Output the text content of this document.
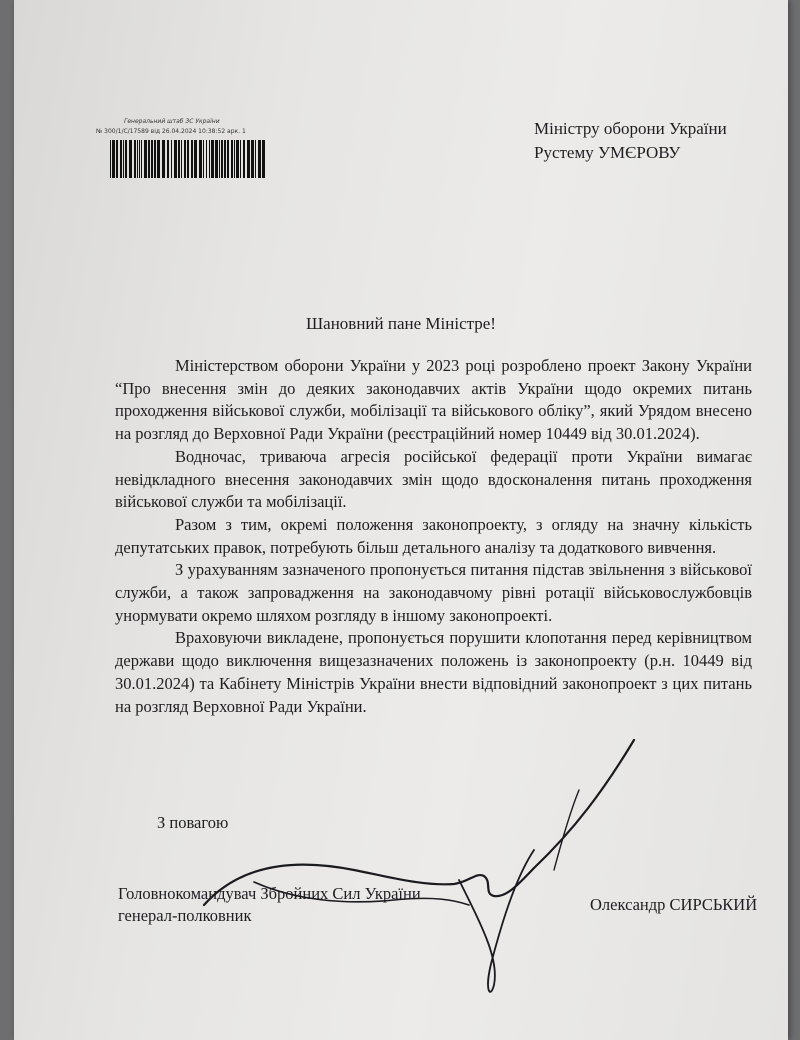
Генеральний штаб ЗС України
№ 300/1/С/17589 від 26.04.2024 10:38:52 арк. 1	Міністру оборони України
Рустему УМЄРОВУ
Шановний пане Міністре!

Міністерством оборони України у 2023 році розроблено проект Закону України “Про внесення змін до деяких законодавчих актів України щодо окремих питань проходження військової служби, мобілізації та військового обліку”, який Урядом внесено на розгляд до Верховної Ради України (реєстраційний номер 10449 від 30.01.2024).

Водночас, триваюча агресія російської федерації проти України вимагає невідкладного внесення законодавчих змін щодо вдосконалення питань проходження військової служби та мобілізації.

Разом з тим, окремі положення законопроекту, з огляду на значну кількість депутатських правок, потребують більш детального аналізу та додаткового вивчення.

З урахуванням зазначеного пропонується питання підстав звільнення з військової служби, а також запровадження на законодавчому рівні ротації військовослужбовців унормувати окремо шляхом розгляду в іншому законопроекті.

Враховуючи викладене, пропонується порушити клопотання перед керівництвом держави щодо виключення вищезазначених положень із законопроекту (р.н. 10449 від 30.01.2024) та Кабінету Міністрів України внести відповідний законопроект з цих питань на розгляд Верховної Ради України.

З повагою
Головнокомандувач Збройних Сил України
генерал-полковник
Олександр СИРСЬКИЙ
